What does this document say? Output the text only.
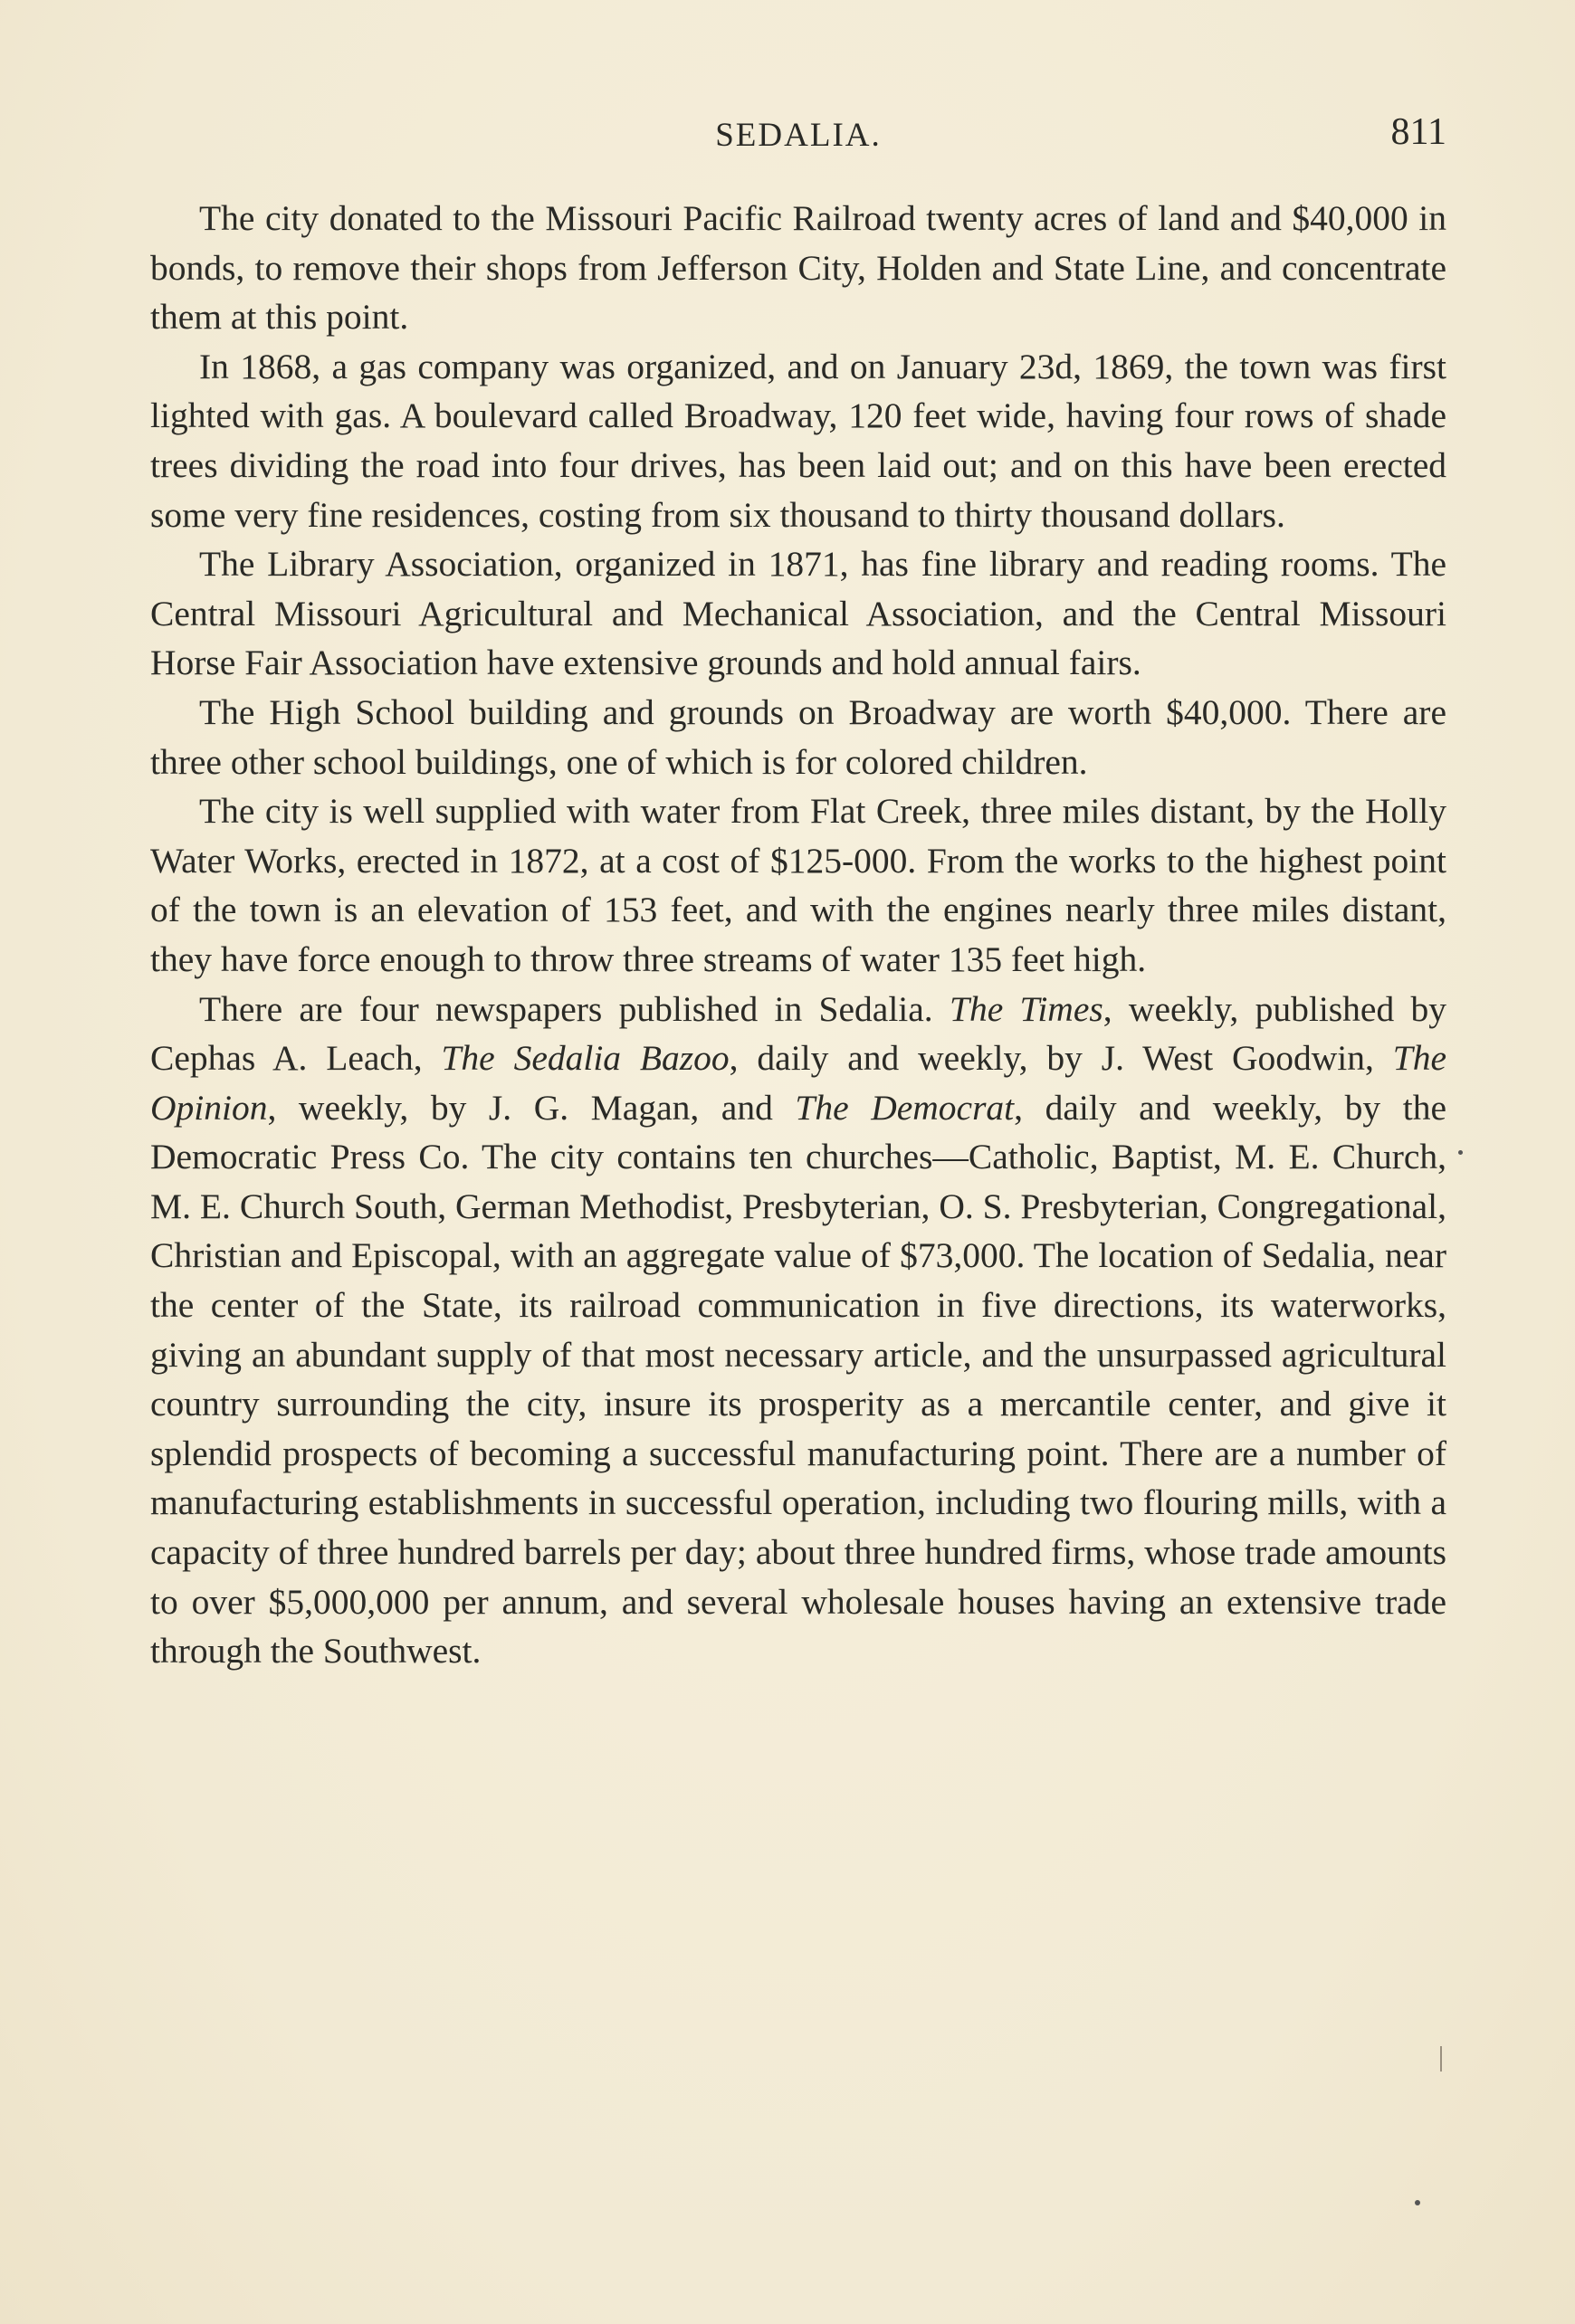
SEDALIA.	811

The city donated to the Missouri Pacific Railroad twenty acres of land and $40,000 in bonds, to remove their shops from Jefferson City, Holden and State Line, and concentrate them at this point.

In 1868, a gas company was organized, and on January 23d, 1869, the town was first lighted with gas. A boulevard called Broadway, 120 feet wide, having four rows of shade trees dividing the road into four drives, has been laid out; and on this have been erected some very fine residences, costing from six thousand to thirty thousand dollars.

The Library Association, organized in 1871, has fine library and reading rooms. The Central Missouri Agricultural and Mechanical Association, and the Central Missouri Horse Fair Association have extensive grounds and hold annual fairs.

The High School building and grounds on Broadway are worth $40,000. There are three other school buildings, one of which is for colored children.

The city is well supplied with water from Flat Creek, three miles distant, by the Holly Water Works, erected in 1872, at a cost of $125-000. From the works to the highest point of the town is an elevation of 153 feet, and with the engines nearly three miles distant, they have force enough to throw three streams of water 135 feet high.

There are four newspapers published in Sedalia. The Times, weekly, published by Cephas A. Leach, The Sedalia Bazoo, daily and weekly, by J. West Goodwin, The Opinion, weekly, by J. G. Magan, and The Democrat, daily and weekly, by the Democratic Press Co. The city contains ten churches—Catholic, Baptist, M. E. Church, M. E. Church South, German Methodist, Presbyterian, O. S. Presbyterian, Congregational, Christian and Episcopal, with an aggregate value of $73,000. The location of Sedalia, near the center of the State, its railroad communication in five directions, its waterworks, giving an abundant supply of that most necessary article, and the unsurpassed agricultural country surrounding the city, insure its prosperity as a mercantile center, and give it splendid prospects of becoming a successful manufacturing point. There are a number of manufacturing establishments in successful operation, including two flouring mills, with a capacity of three hundred barrels per day; about three hundred firms, whose trade amounts to over $5,000,000 per annum, and several wholesale houses having an extensive trade through the Southwest.
